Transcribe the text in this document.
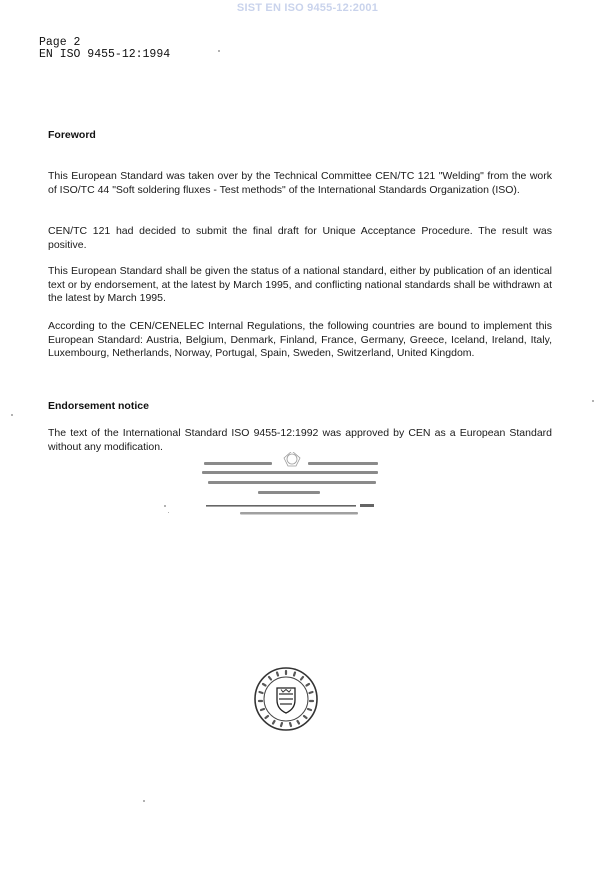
SIST EN ISO 9455-12:2001
Page 2
EN ISO 9455-12:1994
Foreword

This European Standard was taken over by the Technical Committee CEN/TC 121 "Welding" from the work of ISO/TC 44 "Soft soldering fluxes - Test methods" of the International Standards Organization (ISO).

CEN/TC 121 had decided to submit the final draft for Unique Acceptance Procedure. The result was positive.

This European Standard shall be given the status of a national standard, either by publication of an identical text or by endorsement, at the latest by March 1995, and conflicting national standards shall be withdrawn at the latest by March 1995.

According to the CEN/CENELEC Internal Regulations, the following countries are bound to implement this European Standard: Austria, Belgium, Denmark, Finland, France, Germany, Greece, Iceland, Ireland, Italy, Luxembourg, Netherlands, Norway, Portugal, Spain, Sweden, Switzerland, United Kingdom.

Endorsement notice

The text of the International Standard ISO 9455-12:1992 was approved by CEN as a European Standard without any modification.
